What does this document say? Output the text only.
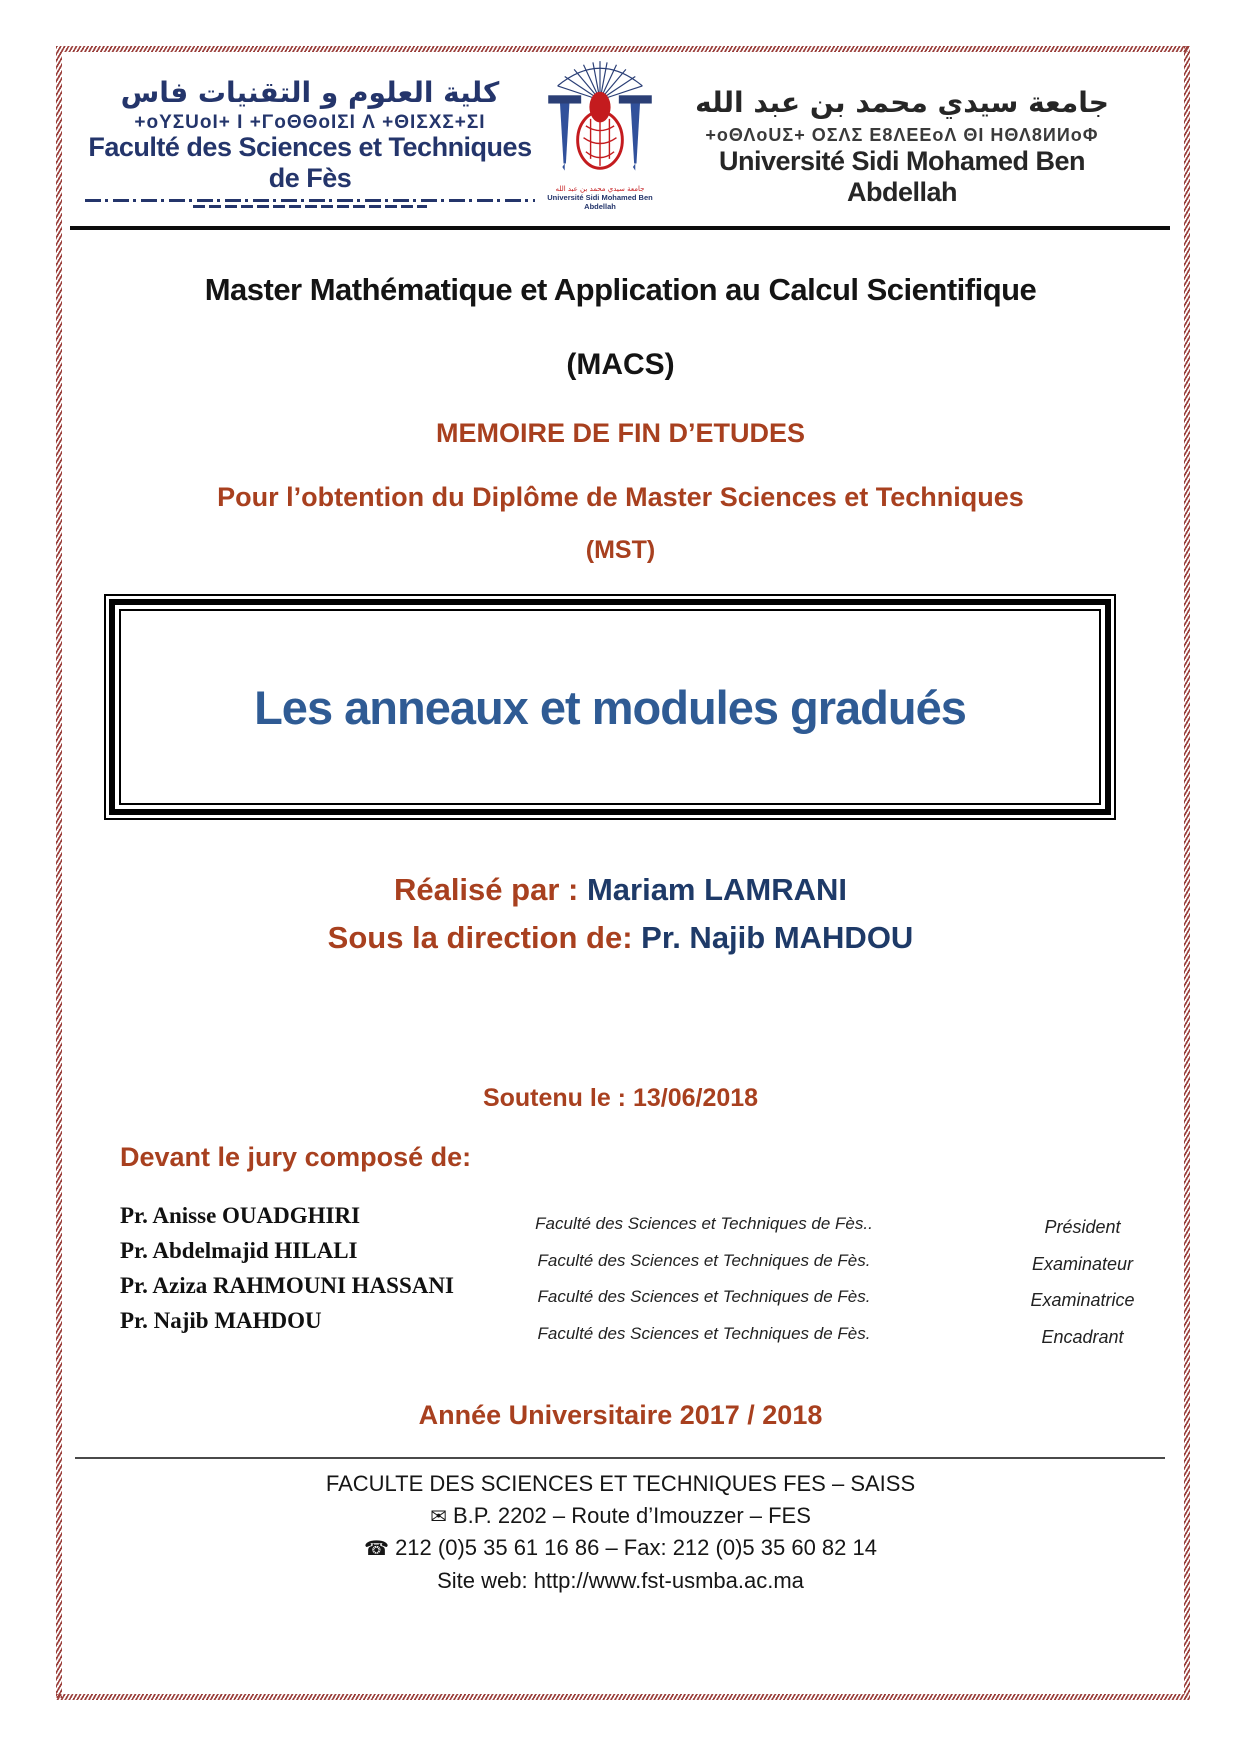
كلية العلوم و التقنيات فاس
+oYΣUoI+ I +ΓoΘΘoIΣI Λ +ΘIΣXΣ+ΣI
Faculté des Sciences et Techniques de Fès	جامعة سيدي محمد بن عبد الله
Université Sidi Mohamed Ben Abdellah
جامعة سيدي محمد بن عبد الله
+oΘΛoUΣ+ ΟΣΛΣ Ε8ΛΕΕοΛ ΘΙ ΗΘΛ8ИИοΦ
Université Sidi Mohamed Ben Abdellah
Master Mathématique et Application au Calcul Scientifique
(MACS)
MEMOIRE DE FIN D’ETUDES
Pour l’obtention du Diplôme de Master Sciences et Techniques
(MST)
Les anneaux et modules gradués
Réalisé par : Mariam LAMRANI
Sous la direction de: Pr. Najib MAHDOU
Soutenu le : 13/06/2018
Devant le jury composé de:
Pr. Anisse OUADGHIRI
Pr. Abdelmajid HILALI
Pr. Aziza RAHMOUNI HASSANI
Pr. Najib MAHDOU
Faculté des Sciences et Techniques de Fès..
Faculté des Sciences et Techniques de Fès.
Faculté des Sciences et Techniques de Fès.
Faculté des Sciences et Techniques de Fès.
Président
Examinateur
Examinatrice
Encadrant
Année Universitaire 2017 / 2018
FACULTE DES SCIENCES ET TECHNIQUES FES – SAISS
✉ B.P. 2202 – Route d’Imouzzer – FES
☎ 212 (0)5 35 61 16 86 – Fax: 212 (0)5 35 60 82 14
Site web: http://www.fst-usmba.ac.ma
